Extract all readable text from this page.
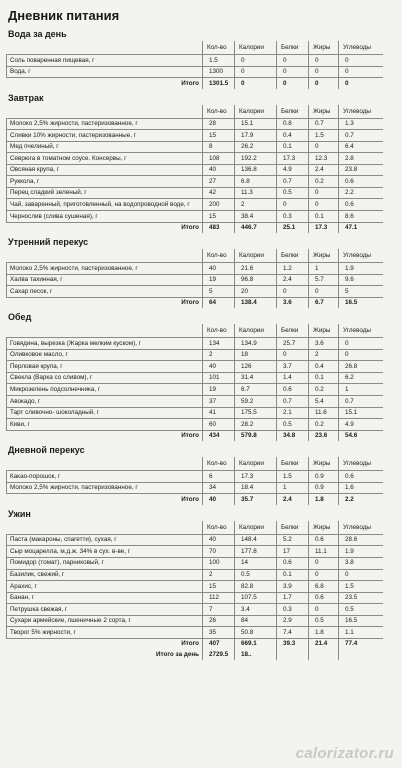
Дневник питания
Вода за день
	Кол-во	Калории	Белки	Жиры	Углеводы
Соль поваренная пищевая, г	1.5	0	0	0	0
Вода, г	1300	0	0	0	0
Итого	1301.5	0	0	0	0
Завтрак
	Кол-во	Калории	Белки	Жиры	Углеводы
Молоко 2,5% жирности, пастеризованное, г	28	15.1	0.8	0.7	1.3
Сливки 10% жирности, пастеризованные, г	15	17.9	0.4	1.5	0.7
Мед пчелиный, г	8	26.2	0.1	0	6.4
Севрюга в томатном соусе. Консервы, г	108	192.2	17.3	12.3	2.8
Овсяная крупа, г	40	136.8	4.9	2.4	23.8
Руккола, г	27	6.8	0.7	0.2	0.6
Перец сладкий зеленый, г	42	11.3	0.5	0	2.2
Чай, заваренный, приготовленный, на водопроводной воде, г	200	2	0	0	0.6
Чернослив (слива сушеная), г	15	38.4	0.3	0.1	8.6
Итого	483	446.7	25.1	17.3	47.1
Утренний перекус
	Кол-во	Калории	Белки	Жиры	Углеводы
Молоко 2,5% жирности, пастеризованное, г	40	21.6	1.2	1	1.9
Халва тахинная, г	19	96.8	2.4	5.7	9.6
Сахар песок, г	5	20	0	0	5
Итого	64	138.4	3.6	6.7	16.5
Обед
	Кол-во	Калории	Белки	Жиры	Углеводы
Говядина, вырезка (Жарка мелким куском), г	134	134.9	25.7	3.6	0
Оливковое масло, г	2	18	0	2	0
Перловая крупа, г	40	126	3.7	0.4	26.8
Свекла (Варка со сливом), г	101	31.4	1.4	0.1	6.2
Микрозелень подсолнечника, г	19	6.7	0.6	0.2	1
Авокадо, г	37	59.2	0.7	5.4	0.7
Тарт сливочно- шоколадный, г	41	175.5	2.1	11.6	15.1
Киви, г	60	28.2	0.5	0.2	4.9
Итого	434	579.8	34.8	23.6	54.6
Дневной перекус
	Кол-во	Калории	Белки	Жиры	Углеводы
Какао-порошок, г	6	17.3	1.5	0.9	0.6
Молоко 2,5% жирности, пастеризованное, г	34	18.4	1	0.9	1.6
Итого	40	35.7	2.4	1.8	2.2
Ужин
	Кол-во	Калории	Белки	Жиры	Углеводы
Паста (макароны, спагетти), сухая, г	40	148.4	5.2	0.6	28.6
Сыр моцарелла, м.д.ж. 34% в сух. в-ве, г	70	177.8	17	11.1	1.9
Помидор (томат), парниковый, г	100	14	0.6	0	3.8
Базилик, свежий, г	2	0.5	0.1	0	0
Арахис, г	15	82.8	3.9	6.8	1.5
Банан, г	112	107.5	1.7	0.6	23.5
Петрушка свежая, г	7	3.4	0.3	0	0.5
Сухари армейские, пшеничные 2 сорта, г	26	84	2.9	0.5	16.5
Творог 5% жирности, г	35	50.8	7.4	1.8	1.1
Итого	407	669.1	39.3	21.4	77.4
Итого за день	2729.5	18..			
calorizator.ru
